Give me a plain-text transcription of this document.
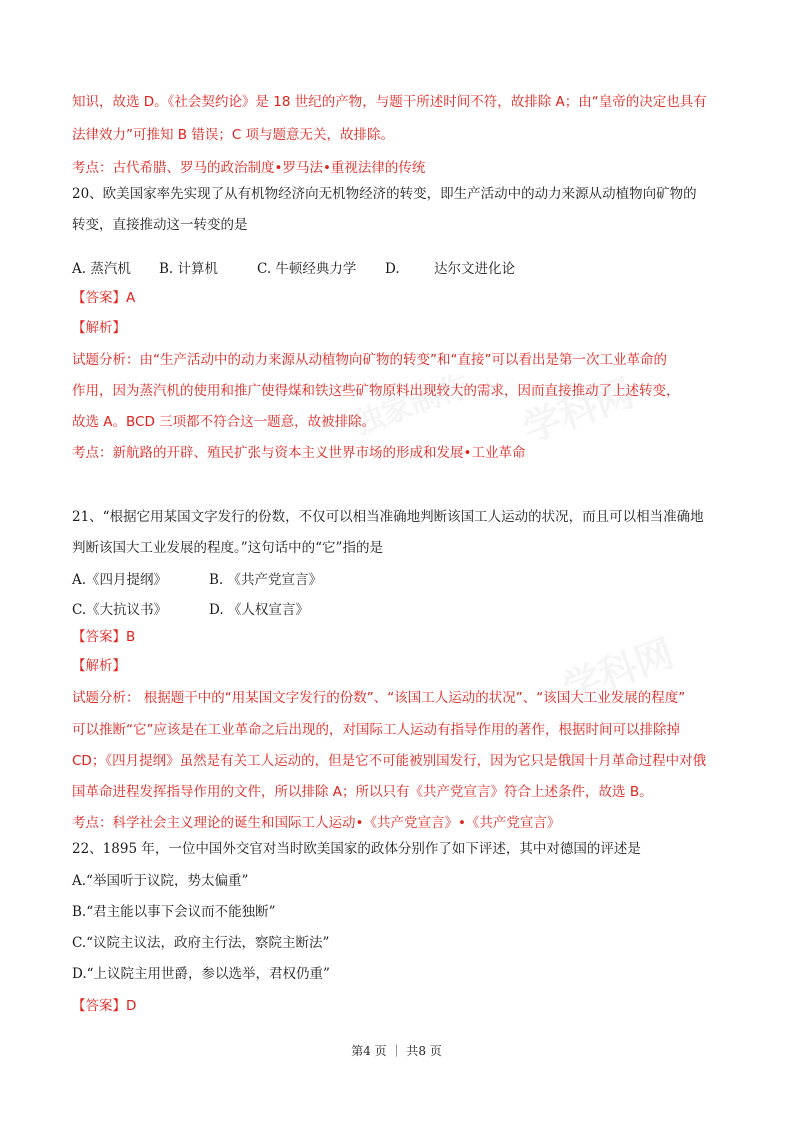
学科网
学科网
独家制作
知识，故选 D。《社会契约论》是 18 世纪的产物，与题干所述时间不符，故排除 A；由“皇帝的决定也具有
法律效力”可推知 B 错误；C 项与题意无关，故排除。
考点：古代希腊、罗马的政治制度•罗马法•重视法律的传统
20、欧美国家率先实现了从有机物经济向无机物经济的转变，即生产活动中的动力来源从动植物向矿物的
转变，直接推动这一转变的是
A. 蒸汽机 B. 计算机	C. 牛顿经典力学 D.	达尔文进化论
【答案】A
【解析】
试题分析：由“生产活动中的动力来源从动植物向矿物的转变”和“直接”可以看出是第一次工业革命的
作用，因为蒸汽机的使用和推广使得煤和铁这些矿物原料出现较大的需求，因而直接推动了上述转变，
故选 A。BCD 三项都不符合这一题意，故被排除。
考点：新航路的开辟、殖民扩张与资本主义世界市场的形成和发展•工业革命
21、“根据它用某国文字发行的份数，不仅可以相当准确地判断该国工人运动的状况，而且可以相当准确地
判断该国大工业发展的程度。”这句话中的“它”指的是
A.《四月提纲》	B. 《共产党宣言》
C.《大抗议书》	D. 《人权宣言》
【答案】B
【解析】
试题分析： 根据题干中的“用某国文字发行的份数”、“该国工人运动的状况”、“该国大工业发展的程度”
可以推断“它”应该是在工业革命之后出现的，对国际工人运动有指导作用的著作，根据时间可以排除掉
CD；《四月提纲》虽然是有关工人运动的，但是它不可能被别国发行，因为它只是俄国十月革命过程中对俄
国革命进程发挥指导作用的文件，所以排除 A；所以只有《共产党宣言》符合上述条件，故选 B。
考点：科学社会主义理论的诞生和国际工人运动•《共产党宣言》•《共产党宣言》
22、1895 年，一位中国外交官对当时欧美国家的政体分别作了如下评述，其中对德国的评述是
A.“举国听于议院，势太偏重”
B.“君主能以事下会议而不能独断”
C.“议院主议法，政府主行法，察院主断法”
D.“上议院主用世爵，参以选举，君权仍重”
【答案】D
第4 页 ｜ 共8 页
